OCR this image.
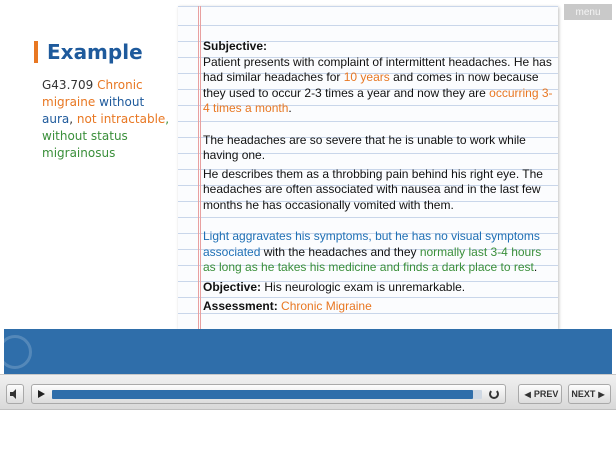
menu
Example
G43.709 Chronic migraine without aura, not intractable, without status migrainosus

Subjective:

Patient presents with complaint of intermittent headaches. He has had similar headaches for 10 years and comes in now because they used to occur 2-3 times a year and now they are occurring 3-4 times a month.

The headaches are so severe that he is unable to work while having one.

He describes them as a throbbing pain behind his right eye. The headaches are often associated with nausea and in the last few months he has occasionally vomited with them.

Light aggravates his symptoms, but he has no visual symptoms associated with the headaches and they normally last 3-4 hours as long as he takes his medicine and finds a dark place to rest.

Objective: His neurologic exam is unremarkable.

Assessment: Chronic Migraine

◀ PREV NEXT ▶
